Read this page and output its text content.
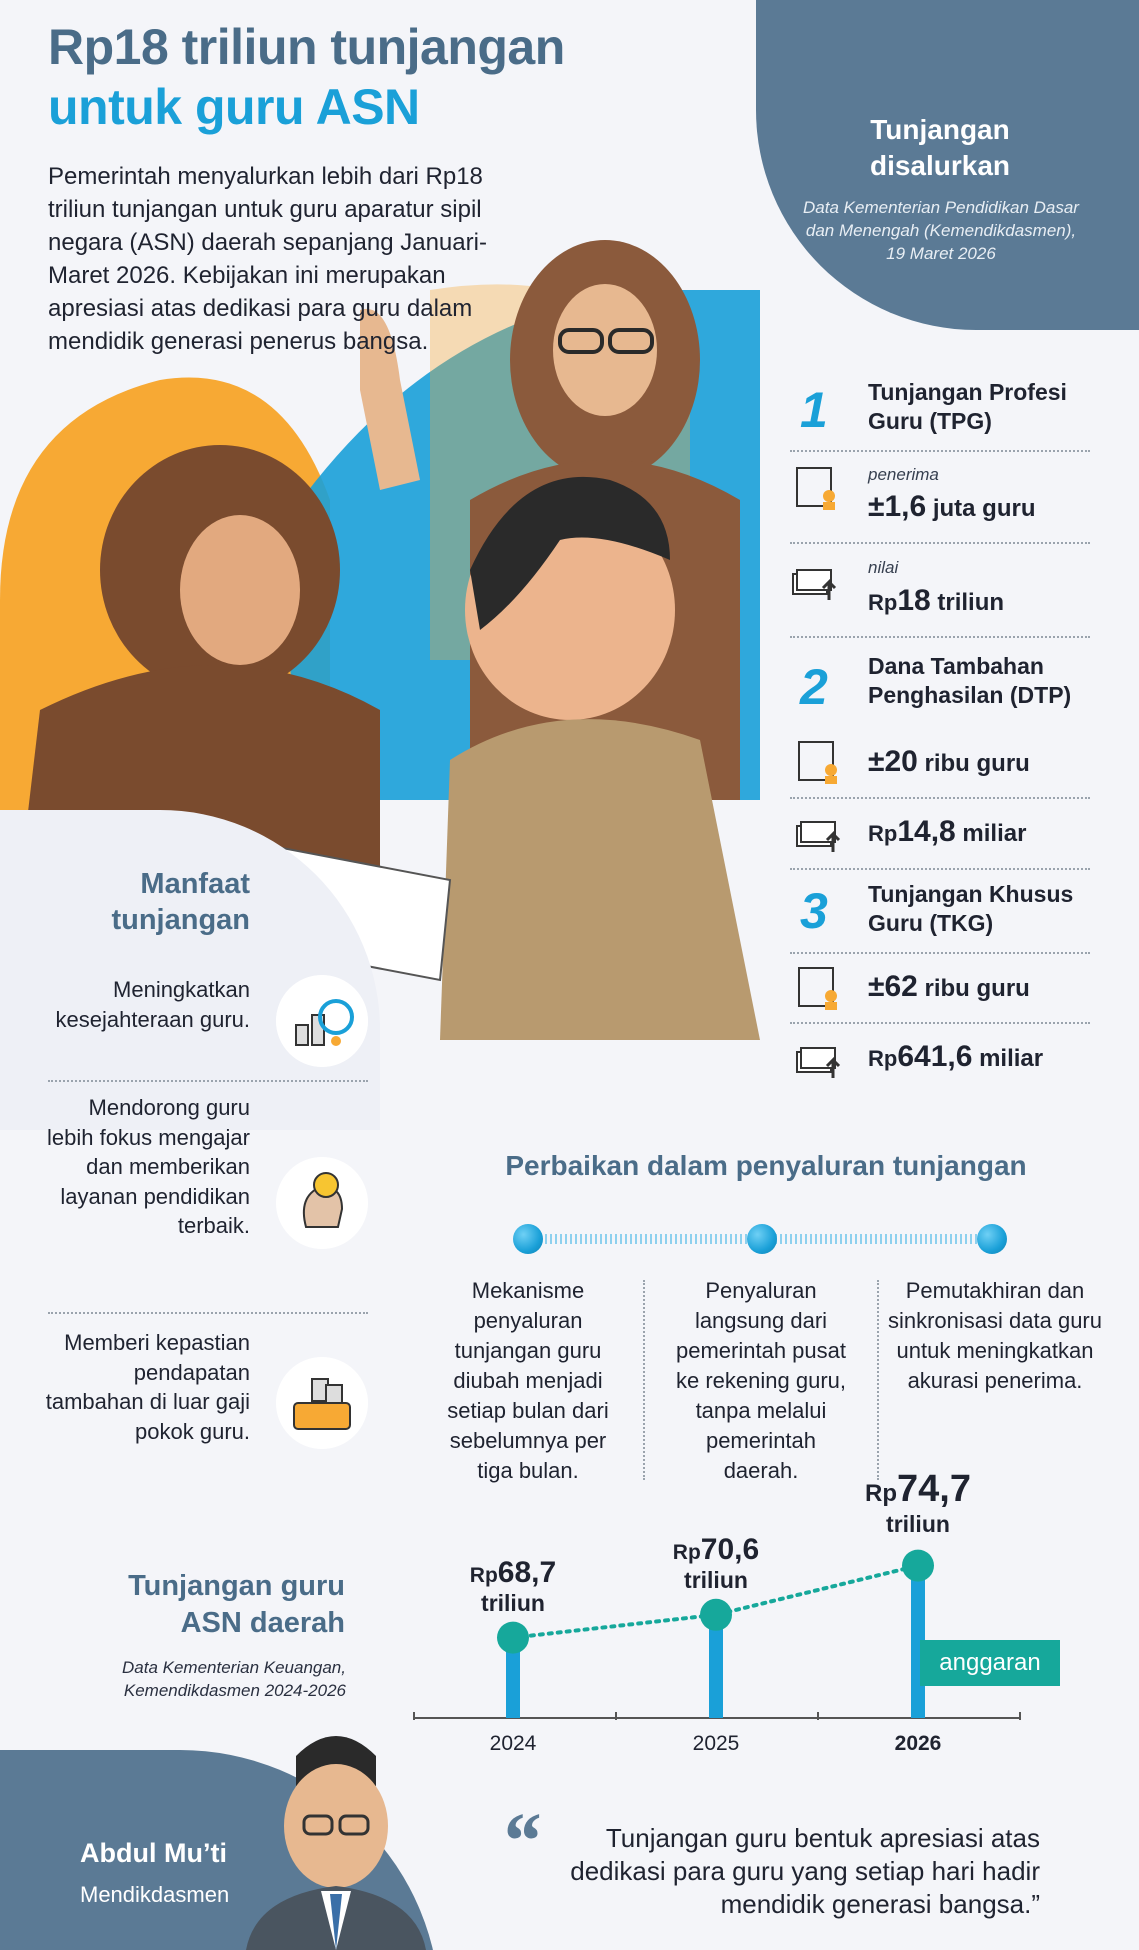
Rp18 triliun tunjangan
untuk guru ASN
Pemerintah menyalurkan lebih dari Rp18 triliun tunjangan untuk guru aparatur sipil negara (ASN) daerah sepanjang Januari-Maret 2026. Kebijakan ini merupakan apresiasi atas dedikasi para guru dalam mendidik generasi penerus bangsa.
Tunjangan disalurkan
Data Kementerian Pendidikan Dasar dan Menengah (Kemendikdasmen), 19 Maret 2026
1 Tunjangan Profesi Guru (TPG)
penerima
±1,6 juta guru
nilai
Rp18 triliun
2 Dana Tambahan Penghasilan (DTP)
±20 ribu guru
Rp14,8 miliar
3 Tunjangan Khusus Guru (TKG)
±62 ribu guru
Rp641,6 miliar
Manfaat tunjangan
Meningkatkan kesejahteraan guru.
Mendorong guru lebih fokus mengajar dan memberikan layanan pendidikan terbaik.
Memberi kepastian pendapatan tambahan di luar gaji pokok guru.
Perbaikan dalam penyaluran tunjangan
Mekanisme penyaluran tunjangan guru diubah menjadi setiap bulan dari sebelumnya per tiga bulan.
Penyaluran langsung dari pemerintah pusat ke rekening guru, tanpa melalui pemerintah daerah.
Pemutakhiran dan sinkronisasi data guru untuk meningkatkan akurasi penerima.
Tunjangan guru ASN daerah
Data Kementerian Keuangan, Kemendikdasmen 2024-2026
Rp68,7
triliun
2024
Rp70,6
triliun
2025
Rp74,7
triliun
2026
anggaran
Abdul Mu’ti
Mendikdasmen
“	Tunjangan guru bentuk apresiasi atas dedikasi para guru yang setiap hari hadir mendidik generasi bangsa.”
